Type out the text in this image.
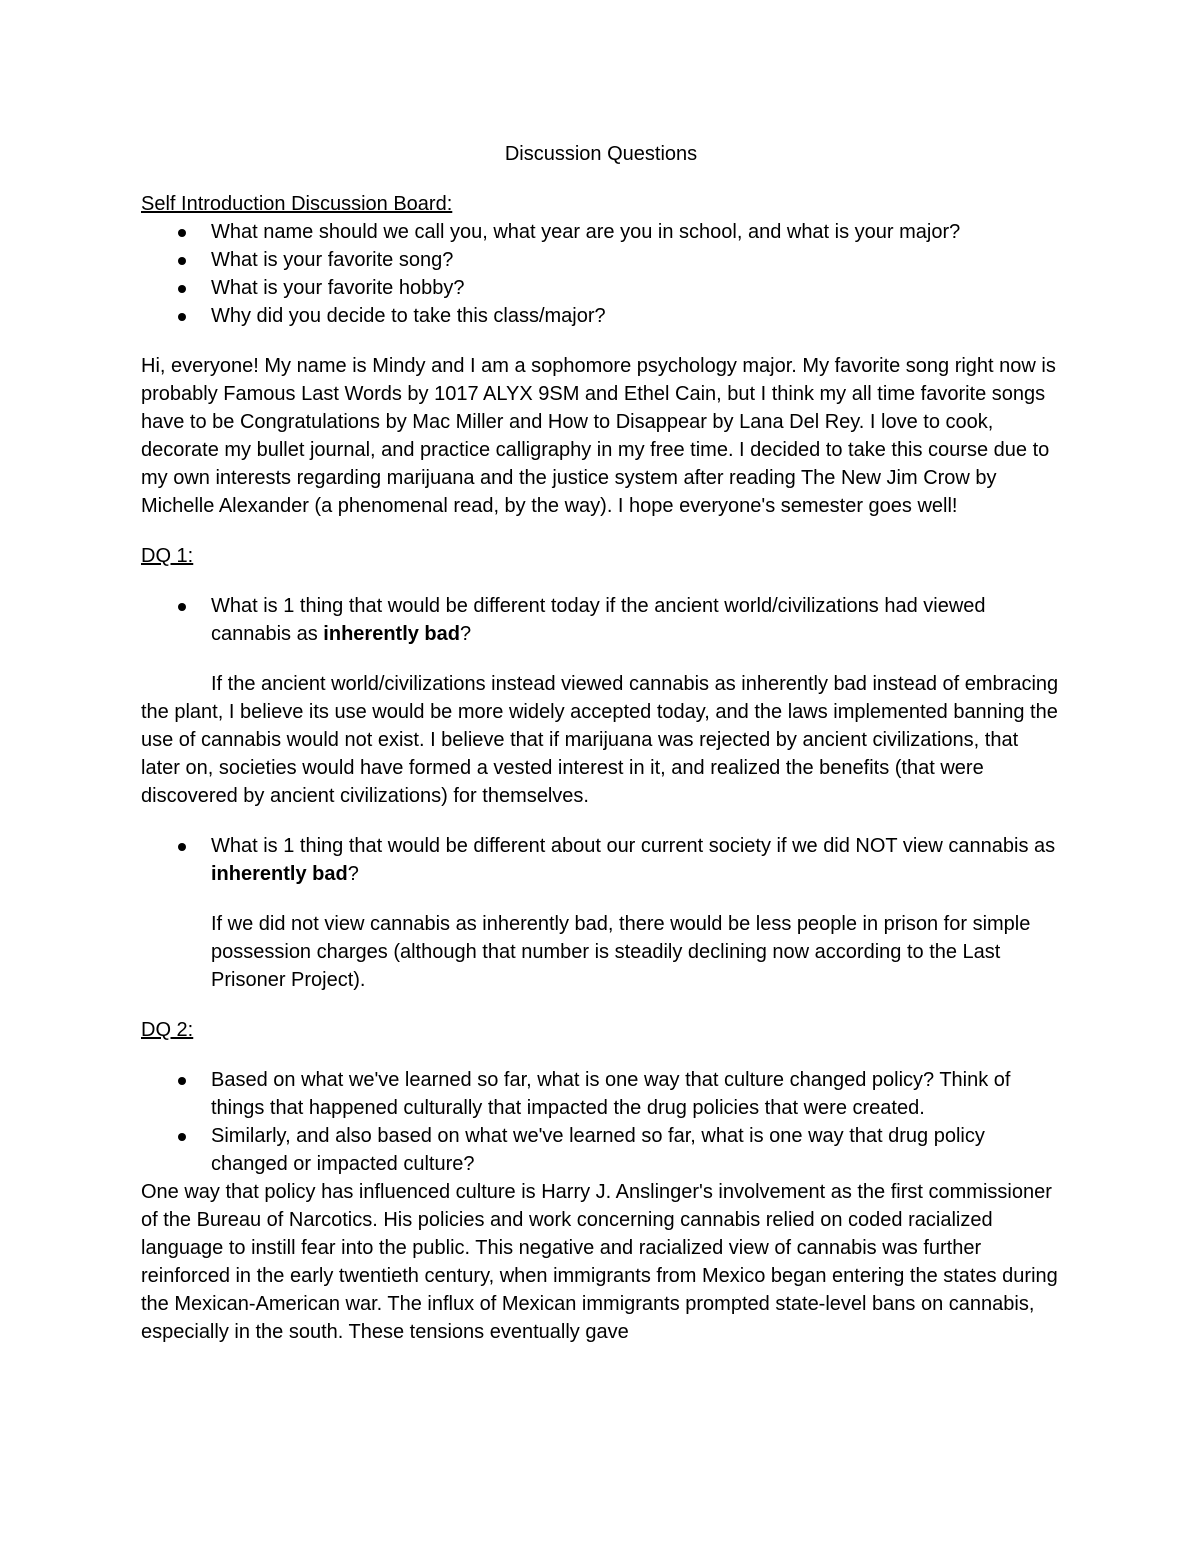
Discussion Questions

Self Introduction Discussion Board:

What name should we call you, what year are you in school, and what is your major?
What is your favorite song?
What is your favorite hobby?
Why did you decide to take this class/major?

Hi, everyone! My name is Mindy and I am a sophomore psychology major. My favorite song right now is probably Famous Last Words by 1017 ALYX 9SM and Ethel Cain, but I think my all time favorite songs have to be Congratulations by Mac Miller and How to Disappear by Lana Del Rey. I love to cook, decorate my bullet journal, and practice calligraphy in my free time. I decided to take this course due to my own interests regarding marijuana and the justice system after reading The New Jim Crow by Michelle Alexander (a phenomenal read, by the way). I hope everyone's semester goes well!

DQ 1:

What is 1 thing that would be different today if the ancient world/civilizations had viewed cannabis as inherently bad?

If the ancient world/civilizations instead viewed cannabis as inherently bad instead of embracing the plant, I believe its use would be more widely accepted today, and the laws implemented banning the use of cannabis would not exist. I believe that if marijuana was rejected by ancient civilizations, that later on, societies would have formed a vested interest in it, and realized the benefits (that were discovered by ancient civilizations) for themselves.

What is 1 thing that would be different about our current society if we did NOT view cannabis as inherently bad?

If we did not view cannabis as inherently bad, there would be less people in prison for simple possession charges (although that number is steadily declining now according to the Last Prisoner Project).

DQ 2:

Based on what we've learned so far, what is one way that culture changed policy? Think of things that happened culturally that impacted the drug policies that were created.
Similarly, and also based on what we've learned so far, what is one way that drug policy changed or impacted culture?

One way that policy has influenced culture is Harry J. Anslinger's involvement as the first commissioner of the Bureau of Narcotics. His policies and work concerning cannabis relied on coded racialized language to instill fear into the public. This negative and racialized view of cannabis was further reinforced in the early twentieth century, when immigrants from Mexico began entering the states during the Mexican-American war. The influx of Mexican immigrants prompted state-level bans on cannabis, especially in the south. These tensions eventually gave
